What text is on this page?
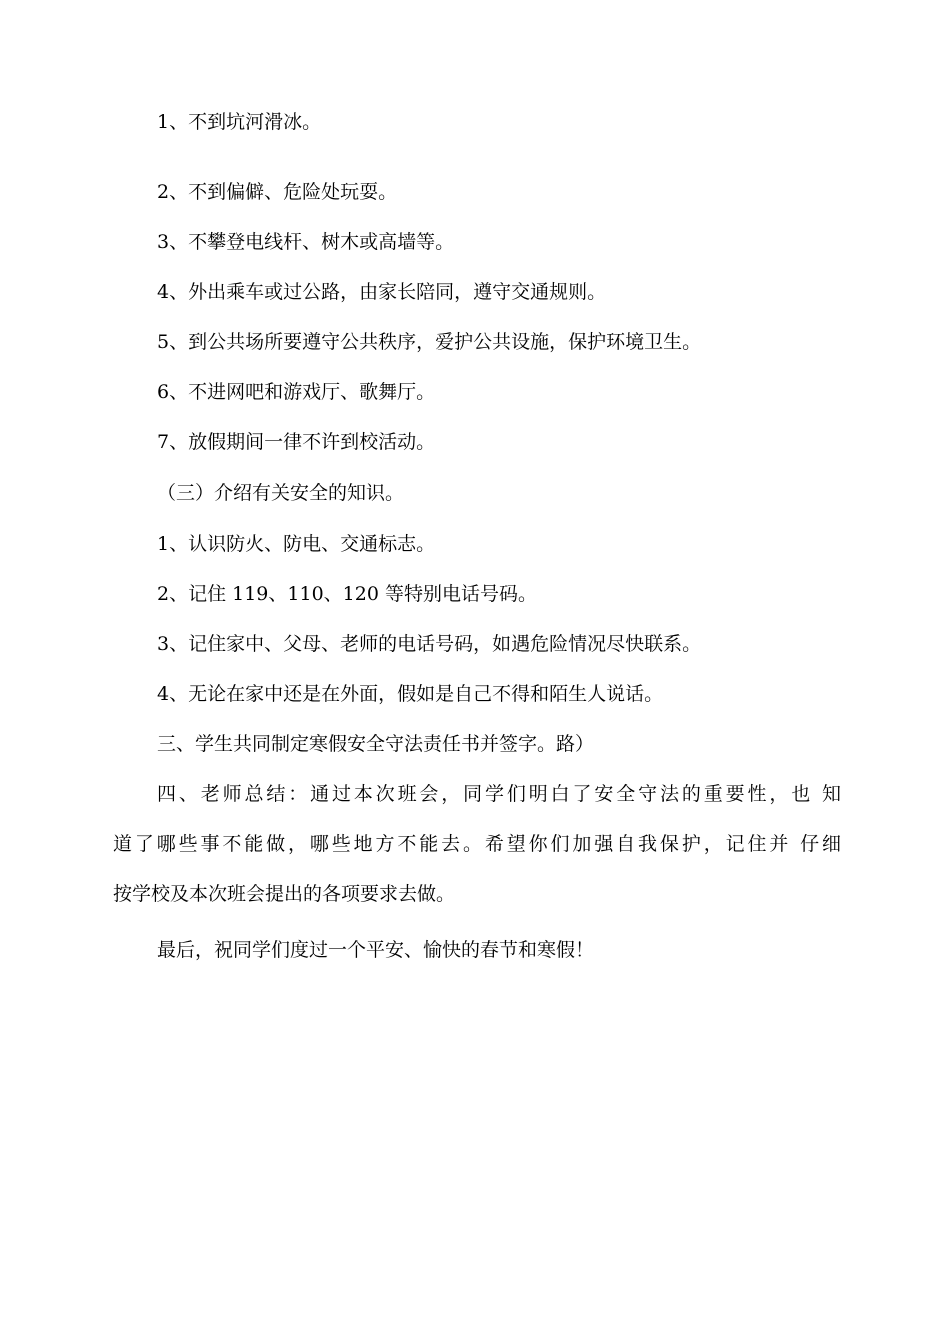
1、不到坑河滑冰。
2、不到偏僻、危险处玩耍。
3、不攀登电线杆、树木或高墙等。
4、外出乘车或过公路，由家长陪同，遵守交通规则。
5、到公共场所要遵守公共秩序，爱护公共设施，保护环境卫生。
6、不进网吧和游戏厅、歌舞厅。
7、放假期间一律不许到校活动。
（三）介绍有关安全的知识。
1、认识防火、防电、交通标志。
2、记住 119、110、120 等特别电话号码。
3、记住家中、父母、老师的电话号码，如遇危险情况尽快联系。
4、无论在家中还是在外面，假如是自己不得和陌生人说话。
三、学生共同制定寒假安全守法责任书并签字。路）
四、老师总结：通过本次班会，同学们明白了安全守法的重要性，也 知
道了哪些事不能做，哪些地方不能去。希望你们加强自我保护，记住并 仔细
按学校及本次班会提出的各项要求去做。
最后，祝同学们度过一个平安、愉快的春节和寒假！
